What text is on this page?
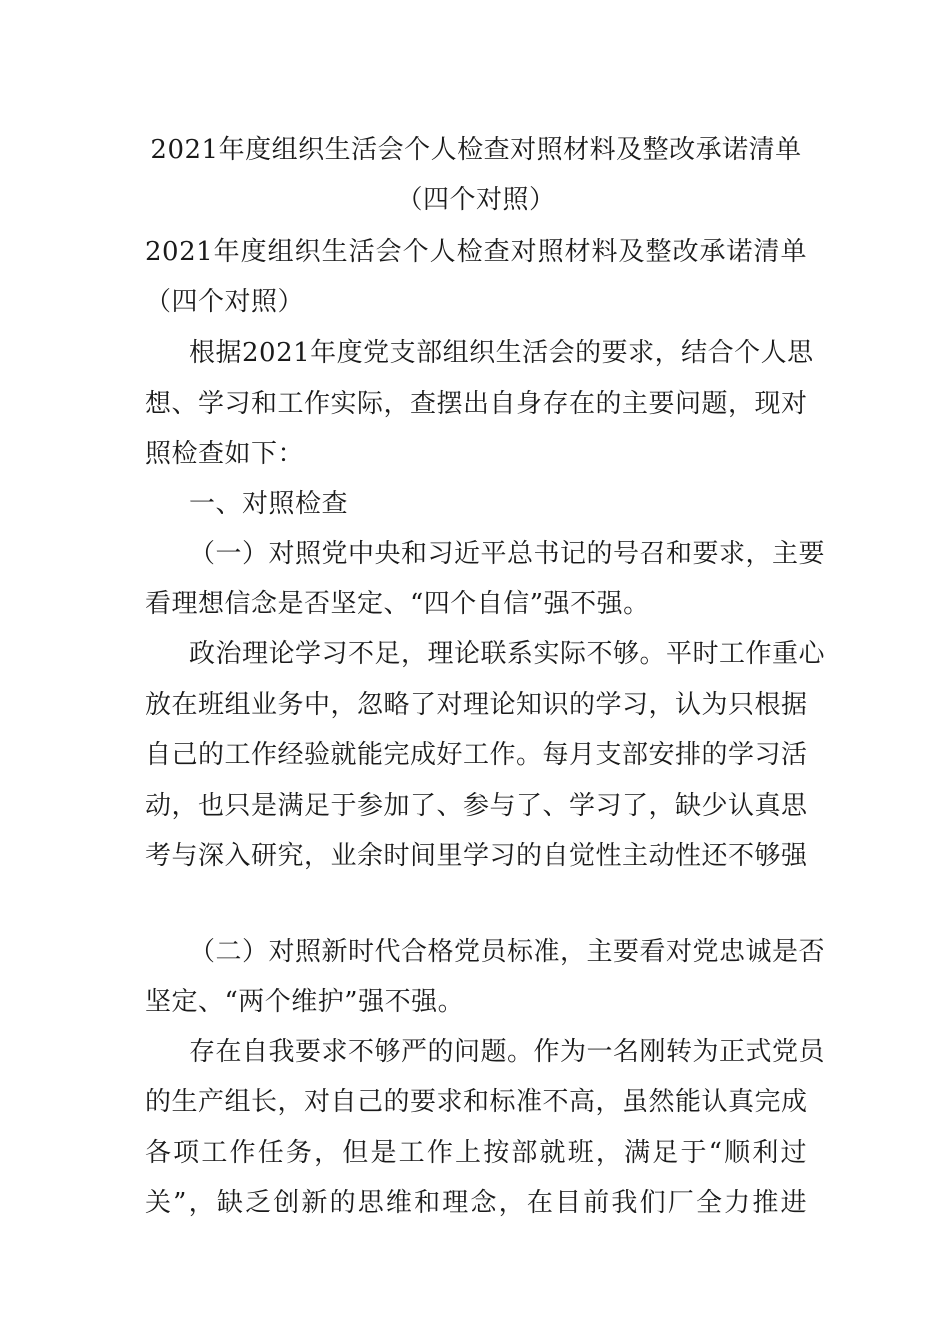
2021年度组织生活会个人检查对照材料及整改承诺清单
（四个对照）
2021年度组织生活会个人检查对照材料及整改承诺清单
（四个对照）
根据2021年度党支部组织生活会的要求，结合个人思
想、学习和工作实际，查摆出自身存在的主要问题，现对
照检查如下：
一、对照检查
（一）对照党中央和习近平总书记的号召和要求，主要
看理想信念是否坚定、“四个自信”强不强。
政治理论学习不足，理论联系实际不够。平时工作重心
放在班组业务中，忽略了对理论知识的学习，认为只根据
自己的工作经验就能完成好工作。每月支部安排的学习活
动，也只是满足于参加了、参与了、学习了，缺少认真思
考与深入研究，业余时间里学习的自觉性主动性还不够强
（二）对照新时代合格党员标准，主要看对党忠诚是否
坚定、“两个维护”强不强。
存在自我要求不够严的问题。作为一名刚转为正式党员
的生产组长，对自己的要求和标准不高，虽然能认真完成
各项工作任务，但是工作上按部就班，满足于“顺利过
关”，缺乏创新的思维和理念，在目前我们厂全力推进
